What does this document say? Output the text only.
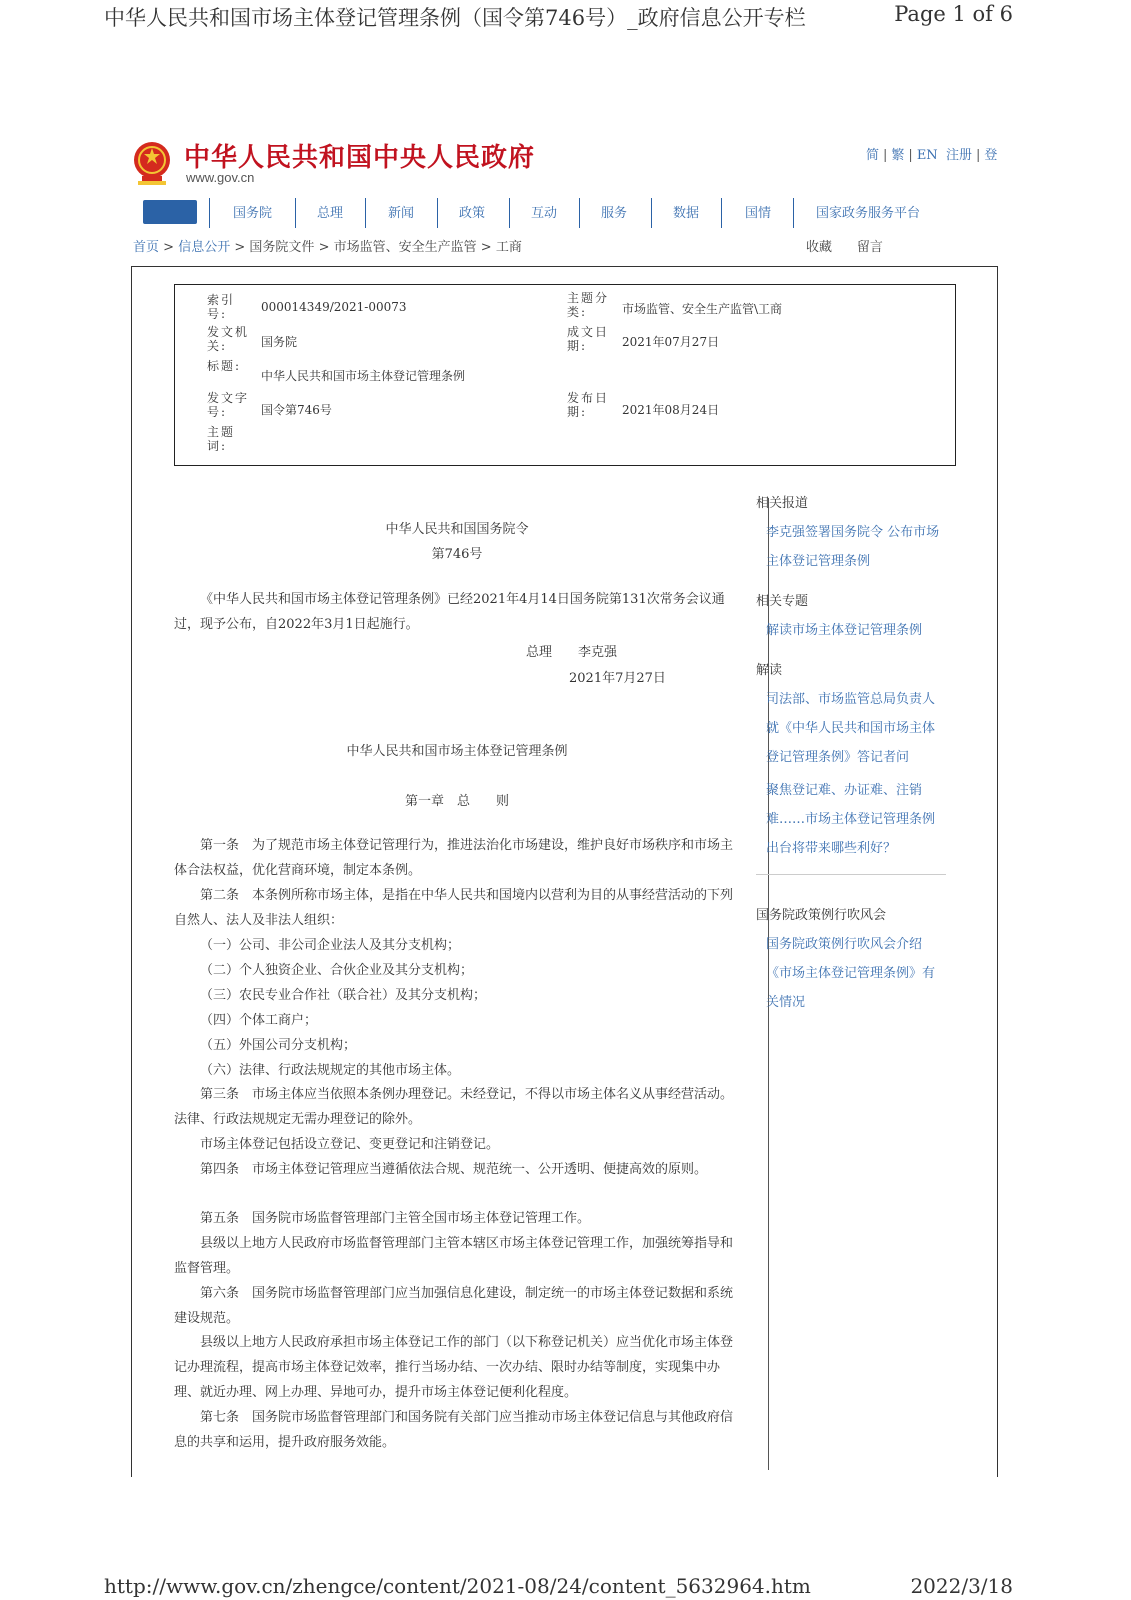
中华人民共和国市场主体登记管理条例（国令第746号）_政府信息公开专栏	Page 1 of 6
http://www.gov.cn/zhengce/content/2021-08/24/content_5632964.htm	2022/3/18
中华人民共和国中央人民政府
www.gov.cn
简 | 繁 | EN 注册 | 登
国务院	总理	新闻	政策	互动	服务	数据	国情	国家政务服务平台
首页 > 信息公开 > 国务院文件 > 市场监管、安全生产监管 > 工商	收藏 留言
索引号:	000014349/2021-00073
主题分类:	市场监管、安全生产监管\工商
发文机关:	国务院
成文日期:	2021年07月27日
标题:
中华人民共和国市场主体登记管理条例
发文字号:	国令第746号
发布日期:	2021年08月24日
主题词:
相关报道
李克强签署国务院令 公布市场
主体登记管理条例
相关专题
解读市场主体登记管理条例
解读
司法部、市场监管总局负责人
就《中华人民共和国市场主体
登记管理条例》答记者问
聚焦登记难、办证难、注销
难……市场主体登记管理条例
出台将带来哪些利好？
国务院政策例行吹风会
国务院政策例行吹风会介绍
《市场主体登记管理条例》有
关情况
中华人民共和国国务院令
第746号
《中华人民共和国市场主体登记管理条例》已经2021年4月14日国务院第131次常务会议通过，现予公布，自2022年3月1日起施行。
总理　　李克强
2021年7月27日
中华人民共和国市场主体登记管理条例
第一章　总　　则
第一条　为了规范市场主体登记管理行为，推进法治化市场建设，维护良好市场秩序和市场主体合法权益，优化营商环境，制定本条例。
第二条　本条例所称市场主体，是指在中华人民共和国境内以营利为目的从事经营活动的下列自然人、法人及非法人组织：
（一）公司、非公司企业法人及其分支机构；
（二）个人独资企业、合伙企业及其分支机构；
（三）农民专业合作社（联合社）及其分支机构；
（四）个体工商户；
（五）外国公司分支机构；
（六）法律、行政法规规定的其他市场主体。
第三条　市场主体应当依照本条例办理登记。未经登记，不得以市场主体名义从事经营活动。法律、行政法规规定无需办理登记的除外。
市场主体登记包括设立登记、变更登记和注销登记。
第四条　市场主体登记管理应当遵循依法合规、规范统一、公开透明、便捷高效的原则。
第五条　国务院市场监督管理部门主管全国市场主体登记管理工作。
县级以上地方人民政府市场监督管理部门主管本辖区市场主体登记管理工作，加强统筹指导和监督管理。
第六条　国务院市场监督管理部门应当加强信息化建设，制定统一的市场主体登记数据和系统建设规范。
县级以上地方人民政府承担市场主体登记工作的部门（以下称登记机关）应当优化市场主体登记办理流程，提高市场主体登记效率，推行当场办结、一次办结、限时办结等制度，实现集中办理、就近办理、网上办理、异地可办，提升市场主体登记便利化程度。
第七条　国务院市场监督管理部门和国务院有关部门应当推动市场主体登记信息与其他政府信息的共享和运用，提升政府服务效能。
